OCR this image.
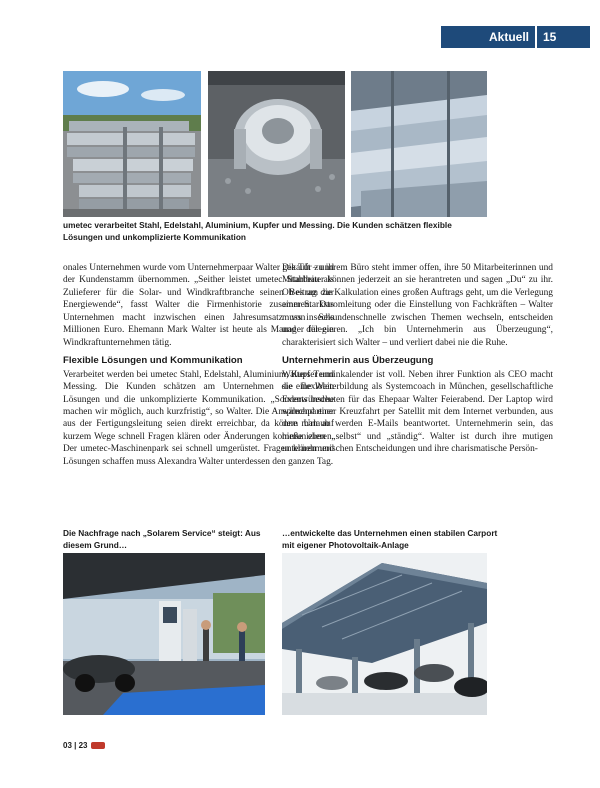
Aktuell	15
umetec verarbeitet Stahl, Edelstahl, Aluminium, Kupfer und Messing. Die Kunden schätzen flexible Lösungen und unkomplizierte Kommunikation

onales Unternehmen wurde vom Unternehmerpaar Walter gekauft – und der Kundenstamm übernommen. „Seither leistet umetec Stahlbau als Zulieferer für die Solar- und Windkraftbranche seinen Beitrag zur Energiewende“, fasst Walter die Firmenhistorie zusammen. Das Unternehmen macht inzwischen einen Jahresumsatz von sechs Millionen Euro. Ehemann Mark Walter ist heute als Manager für ein Windkraftunternehmen tätig.

Flexible Lösungen und Kommunikation

Verarbeitet werden bei umetec Stahl, Edelstahl, Aluminium, Kupfer und Messing. Die Kunden schätzen am Unternehmen die flexiblen Lösungen und die unkomplizierte Kommunikation. „Sonderwünsche machen wir möglich, auch kurzfristig“, so Walter. Die Ansprechpartner aus der Fertigungsleitung seien direkt erreichbar, da könne man auf kurzem Wege schnell Fragen klären oder Änderungen kommunizieren. Der umetec-Maschinenpark sei schnell umgerüstet. Fragen klären und Lösungen schaffen muss Alexandra Walter unterdessen den ganzen Tag.

Die Tür zu ihrem Büro steht immer offen, ihre 50 Mitarbeiterinnen und Mitarbeiter können jederzeit an sie herantreten und sagen „Du“ zu ihr. Ob es um die Kalkulation eines großen Auftrags geht, um die Verlegung einer Starkstromleitung oder die Einstellung von Fachkräften – Walter muss in Sekundenschnelle zwischen Themen wechseln, entscheiden und delegieren. „Ich bin Unternehmerin aus Überzeugung“, charakterisiert sich Walter – und verliert dabei nie die Ruhe.

Unternehmerin aus Überzeugung

Walters Terminkalender ist voll. Neben ihrer Funktion als CEO macht sie eine Weiterbildung als Systemcoach in München, gesellschaftliche Events bedeuten für das Ehepaar Walter Feierabend. Der Laptop wird während einer Kreuzfahrt per Satellit mit dem Internet verbunden, aus dem Urlaub werden E-Mails beantwortet. Unternehmerin sein, das hieße eben „selbst“ und „ständig“. Walter ist durch ihre mutigen unternehmerischen Entscheidungen und ihre charismatische Persön-

Die Nachfrage nach „Solarem Service“ steigt: Aus diesem Grund…
…entwickelte das Unternehmen einen stabilen Carport mit eigener Photovoltaik-Anlage
03 | 23
